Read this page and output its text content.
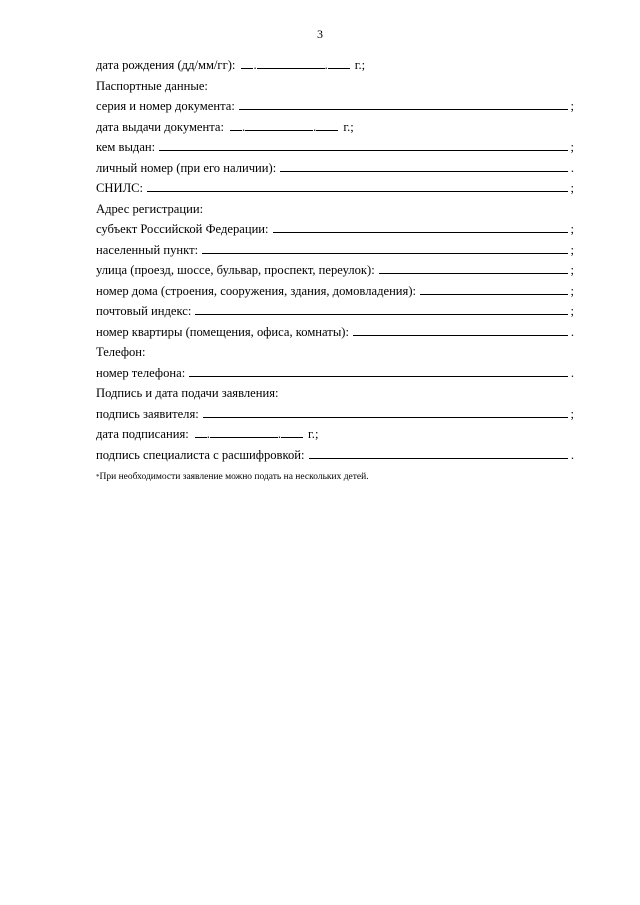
3
дата рождения (дд/мм/гг): .	. г.;
Паспортные данные:
серия и номер документа:	;
дата выдачи документа: .	. г.;
кем выдан:	;
личный номер (при его наличии):	.
СНИЛС:	;
Адрес регистрации:
субъект Российской Федерации:	;
населенный пункт:	;
улица (проезд, шоссе, бульвар, проспект, переулок):	;
номер дома (строения, сооружения, здания, домовладения):	;
почтовый индекс:	;
номер квартиры (помещения, офиса, комнаты):	.
Телефон:
номер телефона:	.
Подпись и дата подачи заявления:
подпись заявителя:	;
дата подписания: .	. г.;
подпись специалиста с расшифровкой:	.
*При необходимости заявление можно подать на нескольких детей.
